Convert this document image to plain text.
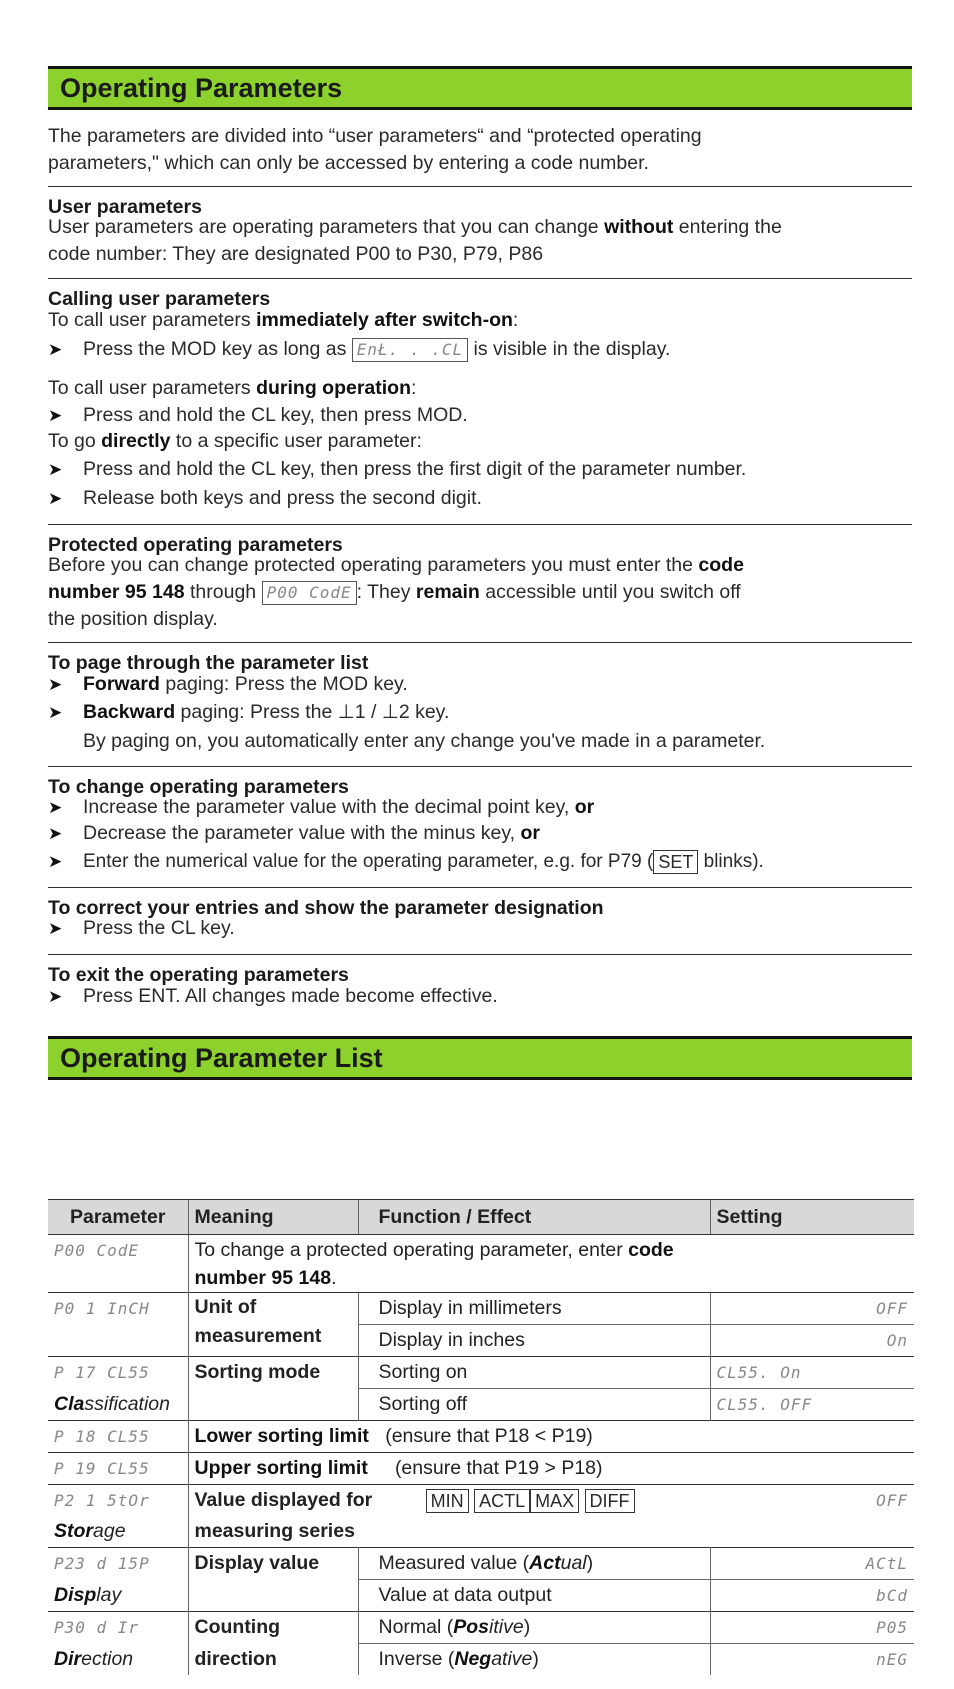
Operating Parameters
The parameters are divided into “user parameters“ and “protected operating
parameters," which can only be accessed by entering a code number.
User parameters
User parameters are operating parameters that you can change without entering the
code number: They are designated P00 to P30, P79, P86
Calling user parameters
To call user parameters immediately after switch-on:
➤ Press the MOD key as long as EnŁ. . .CL is visible in the display.
To call user parameters during operation:
➤ Press and hold the CL key, then press MOD.
To go directly to a specific user parameter:
➤ Press and hold the CL key, then press the first digit of the parameter number.
➤ Release both keys and press the second digit.
Protected operating parameters
Before you can change protected operating parameters you must enter the code
number 95 148 through P00 CodE : They remain accessible until you switch off
the position display.
To page through the parameter list
➤ Forward paging: Press the MOD key.
➤ Backward paging: Press the ⊥1 / ⊥2 key.
By paging on, you automatically enter any change you've made in a parameter.
To change operating parameters
➤ Increase the parameter value with the decimal point key, or
➤ Decrease the parameter value with the minus key, or
➤ Enter the numerical value for the operating parameter, e.g. for P79 ( SET blinks).
To correct your entries and show the parameter designation
➤ Press the CL key.
To exit the operating parameters
➤ Press ENT. All changes made become effective.
Operating Parameter List
Parameter	Meaning	Function / Effect	Setting
P00 CodE	To change a protected operating parameter, enter code
number 95 148.		
P0 1 InCH	Unit of measurement	Display in millimeters	OFF
		Display in inches	On
P 17 CL55	Sorting mode	Sorting on	CL55. On
Classification		Sorting off	CL55. OFF
P 18 CL55	Lower sorting limit (ensure that P18 < P19)		
P 19 CL55	Upper sorting limit (ensure that P19 > P18)		
P2 1 5tOr	Value displayed for MIN ACTL MAX DIFF		OFF
Storage	measuring series		
P23 d 15P	Display value	Measured value (Actual)	ACtL
Display		Value at data output	bCd
P30 d Ir	Counting	Normal (Positive)	P05
Direction	direction	Inverse (Negative)	nEG
